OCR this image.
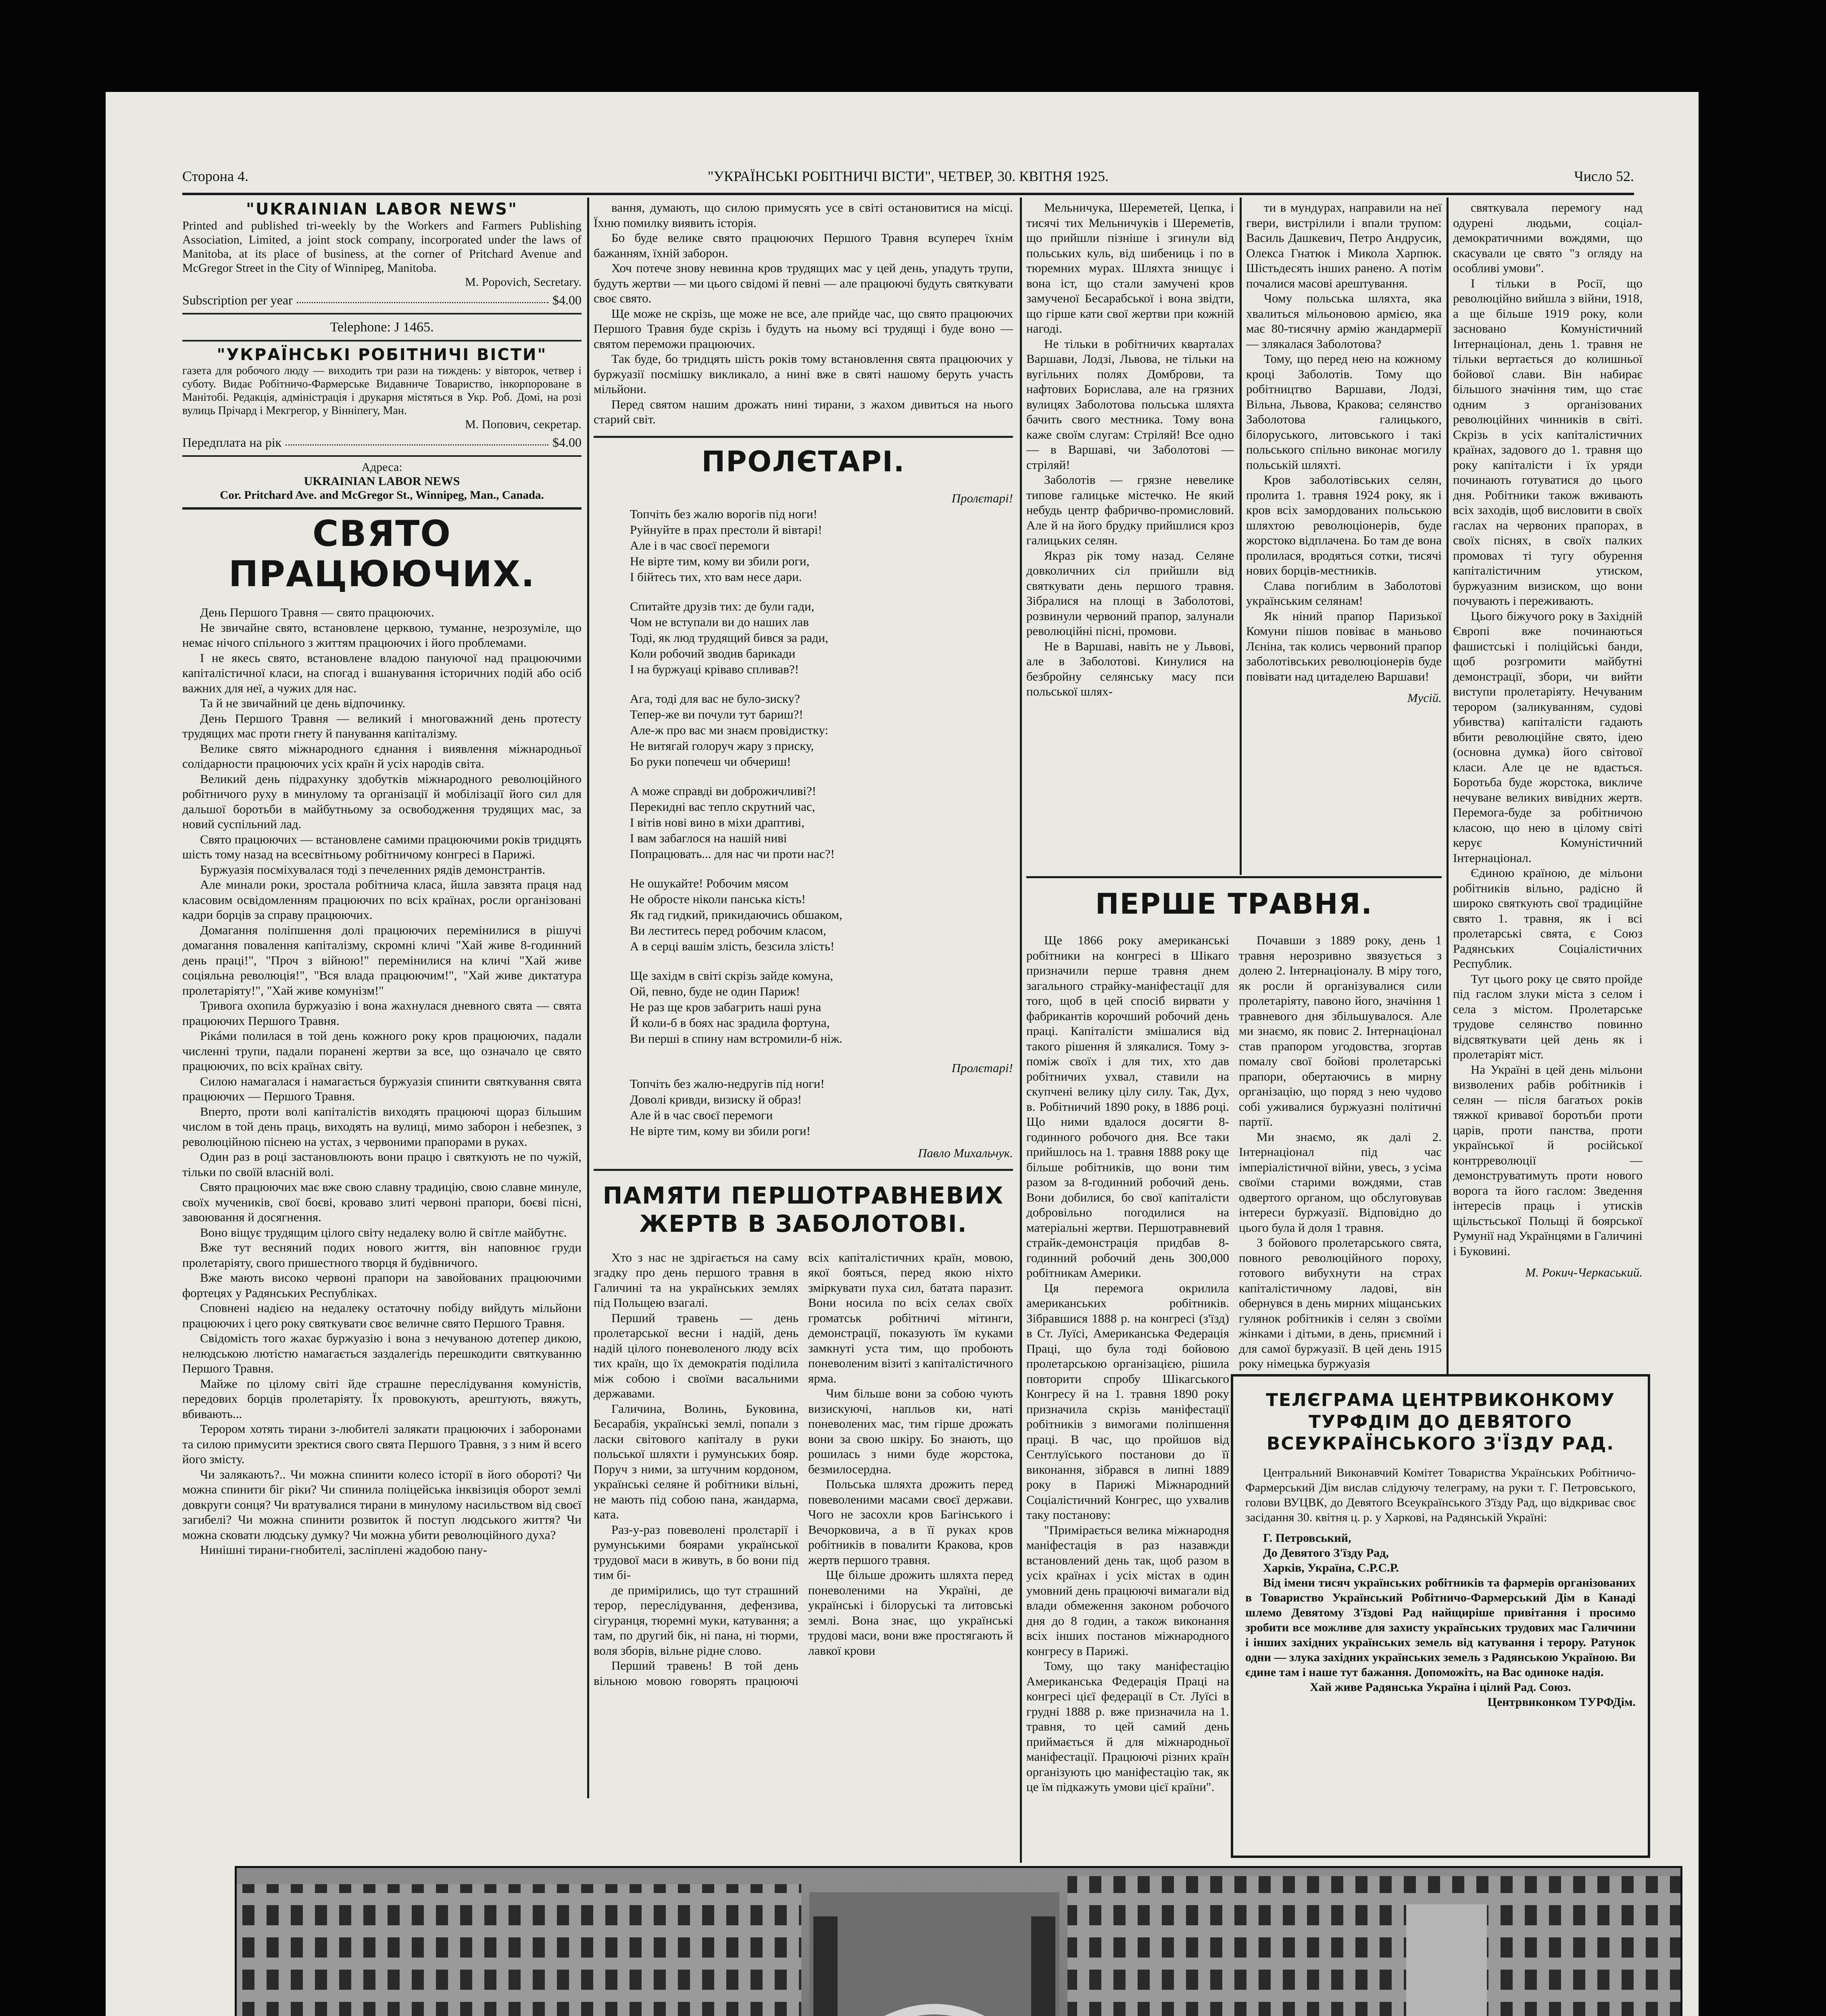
Сторона 4.	"УКРАЇНСЬКІ РОБІТНИЧІ ВІСТИ", ЧЕТВЕР, 30. КВІТНЯ 1925.	Число 52.
"UKRAINIAN LABOR NEWS"
Printed and published tri-weekly by the Workers and Farmers Publishing Association, Limited, a joint stock company, incorporated under the laws of Manitoba, at its place of business, at the corner of Pritchard Avenue and McGregor Street in the City of Winnipeg, Manitoba.
M. Popovich, Secretary.
Subscription per year	$4.00
Telephone: J 1465.
"УКРАЇНСЬКІ РОБІТНИЧІ ВІСТИ"
газета для робочого люду — виходить три рази на тиждень: у вівторок, четвер і суботу. Видає Робітничо-Фармерське Видавниче Товариство, інкорпороване в Манітобі. Редакція, адміністрація і друкарня містяться в Укр. Роб. Домі, на розі вулиць Прічард і Мекгрегор, у Вінніпегу, Ман.
М. Попович, секретар.
Передплата на рік	$4.00
Адреса:
UKRAINIAN LABOR NEWS
Cor. Pritchard Ave. and McGregor St., Winnipeg, Man., Canada.
СВЯТО ПРАЦЮЮЧИХ.

День Першого Травня — свято працюючих.

Не звичайне свято, встановлене церквою, туманне, незрозуміле, що немає нічого спільного з життям працюючих і його проблемами.

І не якесь свято, встановлене владою пануючої над працюючими капіталістичної класи, на спогад і вшанування історичних подій або осіб важних для неї, а чужих для нас.

Та й не звичайний це день відпочинку.

День Першого Травня — великий і многоважний день протесту трудящих мас проти гнету й панування капіталізму.

Велике свято міжнародного єднання і виявлення міжнародньої солідарности працюючих усіх країн й усіх народів світа.

Великий день підрахунку здобутків міжнародного революційного робітничого руху в минулому та організації й мобілізації його сил для дальшої боротьби в майбутньому за освободження трудящих мас, за новий суспільний лад.

Свято працюючих — встановлене самими працюючими років тридцять шість тому назад на всесвітньому робітничому конгресі в Парижі.

Буржуазія посміхувалася тоді з печеленних рядів демонстрантів.

Але минали роки, зростала робітнича класа, йшла завзята праця над класовим освідомленням працюючих по всіх країнах, росли організовані кадри борців за справу працюючих.

Домагання поліпшення долі працюючих перемінилися в рішучі домагання повалення капіталізму, скромні кличі "Хай живе 8-годинний день праці!", "Проч з війною!" перемінилися на кличі "Хай живе соціяльна революція!", "Вся влада працюючим!", "Хай живе диктатура пролетаріяту!", "Хай живе комунізм!"

Тривога охопила буржуазію і вона жахнулася дневного свята — свята працюючих Першого Травня.

Рікáми полилася в той день кожного року кров працюючих, падали численні трупи, падали поранені жертви за все, що означало це свято працюючих, по всіх країнах світу.

Силою намагалася і намагається буржуазія спинити святкування свята працюючих — Першого Травня.

Вперто, проти волі капіталістів виходять працюючі щораз більшим числом в той день праць, виходять на вулиці, мимо заборон і небезпек, з революційною піснею на устах, з червоними прапорами в руках.

Один раз в році застановлюють вони працю і святкують не по чужій, тільки по своїй власній волі.

Свято працюючих має вже свою славну традицію, свою славне минуле, своїх мучеників, свої боєві, кроваво злиті червоні прапори, боєві пісні, завоювання й досягнення.

Воно віщує трудящим цілого світу недалеку волю й світле майбутнє.

Вже тут весняний подих нового життя, він наповнює груди пролетаріяту, свого пришестного творця й будівничого.

Вже мають високо червоні прапори на завойованих працюючими фортецях у Радянських Республіках.

Сповнені надією на недалеку остаточну побіду вийдуть мільйони працюючих і цего року святкувати своє величне свято Першого Травня.

Свідомість того жахає буржуазію і вона з нечуваною дотепер дикою, нелюдською лютістю намагається заздалегідь перешкодити святкуванню Першого Травня.

Майже по цілому світі йде страшне переслідування комуністів, передових борців пролетаріяту. Їх провокують, арештують, вяжуть, вбивають...

Терором хотять тирани з-любителі залякати працюючих і заборонами та силою примусити зректися свого свята Першого Травня, з з ним й всего його змісту.

Чи залякають?.. Чи можна спинити колесо історії в його обороті? Чи можна спинити біг ріки? Чи спинила поліцейська інквізиція оборот землі довкруги сонця? Чи вратувалися тирани в минулому насильством від своєї загибелі? Чи можна спинити розвиток й поступ людського життя? Чи можна сковати людську думку? Чи можна убити революційного духа?

Нинішні тирани-гнобителі, засліплені жадобою пану-

вання, думають, що силою примусять усе в світі остановитися на місці. Їхню помилку виявить історія.

Бо буде велике свято працюючих Першого Травня всупереч їхнім бажанням, їхній заборон.

Хоч потече знову невинна кров трудящих мас у цей день, упадуть трупи, будуть жертви — ми цього свідомі й певні — але працюючі будуть святкувати своє свято.

Ще може не скрізь, ще може не все, але прийде час, що свято працюючих Першого Травня буде скрізь і будуть на ньому всі трудящі і буде воно — святом переможи працюючих.

Так буде, бо тридцять шість років тому встановлення свята працюючих у буржуазії посмішку викликало, а нині вже в святі нашому беруть участь мільйони.

Перед святом нашим дрожать нині тирани, з жахом дивиться на нього старий світ.

ПРОЛЄТАРІ.
Пролєтарі!
Топчіть без жалю ворогів під ноги!
Руйнуйте в прах престоли й вівтарі!
Але і в час своєї перемоги
Не вірте тим, кому ви збили роги,
І бійтесь тих, хто вам несе дари.
Спитайте друзів тих: де були гади,
Чом не вступали ви до наших лав
Тоді, як люд трудящий бився за ради,
Коли робочий зводив барикади
І на буржуаці кріваво спливав?!
Ага, тоді для вас не було-зиску?
Тепер-же ви почули тут бариш?!
Але-ж про вас ми знаєм провідистку:
Не витягай голоруч жару з приску,
Бо руки попечеш чи обчериш!
А може справді ви доброжичливі?!
Перекидні вас тепло скрутний час,
І вітів нові вино в міхи драптиві,
І вам забаглося на нашій ниві
Попрацювать... для нас чи проти нас?!
Не ошукайте! Робочим мясом
Не обросте ніколи панська кість!
Як гад гидкий, прикидаючись обшаком,
Ви леститесь перед робочим класом,
А в серці вашім злість, безсила злість!
Ще західм в світі скрізь зайде комуна,
Ой, певно, буде не один Париж!
Не раз ще кров забагрить наші руна
Й коли-б в боях нас зрадила фортуна,
Ви перші в спину нам встромили-б ніж.
Пролєтарі!
Топчіть без жалю-недругів під ноги!
Доволі кривди, визиску й образ!
Але й в час своєї перемоги
Не вірте тим, кому ви збили роги!
Павло Михальчук.
ПАМЯТИ ПЕРШОТРАВНЕВИХ ЖЕРТВ В ЗАБОЛОТОВІ.

Хто з нас не здрігається на саму згадку про день першого травня в Галичині та на українських землях під Польщею взагалі.

Перший травень — день пролетарської весни і надій, день надій цілого поневоленого люду всіх тих країн, що їх демократія поділила між собою і своїми васальними державами.

Галичина, Волинь, Буковина, Бесарабія, українські землі, попали з ласки світового капіталу в руки польської шляхти і румунських бояр. Поруч з ними, за штучним кордоном, українські селяне й робітники вільні, не мають під собою пана, жандарма, ката.

Раз-у-раз повеволені пролєтарії і румунськими боярами української трудової маси в живуть, в бо вони під тим бі-

де примірились, що тут страшний терор, переслідування, дефензива, сігуранця, тюремні муки, катування; а там, по другий бік, ні пана, ні тюрми, воля зборів, вільне рідне слово.

Перший травень! В той день вільною мовою говорять працюючі всіх капіталістичних країн, мовою, якої бояться, перед якою ніхто зміркувати пуха сил, батата паразит. Вони носила по всіх селах своїх громатськ робітничі мітинги, демонстрації, показують їм куками замкнуті уста тим, що пробоють поневоленим візиті з капіталістичного ярма.

Чим більше вони за собою чують визискуючі, напльов ки, наті поневолених мас, тим гірше дрожать вони за свою шкіру. Бо знають, що рошилась з ними буде жорстока, безмилосердна.

Польська шляхта дрожить перед повеволеними масами своєї держави. Чого не засохли кров Багінського і Вечорковича, а в її руках кров робітників в повалити Кракова, кров жертв першого травня.

Ще більше дрожить шляхта перед поневоленими на Україні, де українські і білоруські та литовські землі. Вона знає, що українські трудові маси, вони вже простягають й лавкої крови

Мельничука, Шереметей, Цепка, і тисячі тих Мельничуків і Шереметів, що прийшли пізніше і згинули від польських куль, від шибениць і по в тюремних мурах. Шляхта знищує і вона іст, що стали замучені кров замученої Бесарабської і вона звідти, що гірше кати свої жертви при кожній нагоді.

Не тільки в робітничих кварталах Варшави, Лодзі, Львова, не тільки на вугільних полях Домброви, та нафтових Борислава, але на грязних вулицях Заболотова польська шляхта бачить свого местника. Тому вона каже своїм слугам: Стріляй! Все одно — в Варшаві, чи Заболотові — стріляй!

Заболотів — грязне невелике типове галицьке містечко. Не який небудь центр фабричво-промисловий. Але й на його брудку прийшлися кроз галицьких селян.

Якраз рік тому назад. Селяне довколичних сіл прийшли від святкувати день першого травня. Зібралися на площі в Заболотові, розвинули червоний прапор, залунали революційні пісні, промови.

Не в Варшаві, навіть не у Львові, але в Заболотові. Кинулися на безбройну селянську масу пси польської шлях-

ти в мундурах, направили на неї гвери, вистрілили і впали трупом: Василь Дашкевич, Петро Андрусик, Олекса Гнатюк і Микола Харпюк. Шістьдесять інших ранено. А потім почалися масові арештування.

Чому польська шляхта, яка хвалиться мільоновою армією, яка має 80-тисячну армію жандармерії — злякалася Заболотова?

Тому, що перед нею на кожному кроці Заболотів. Тому що робітництво Варшави, Лодзі, Вільна, Львова, Кракова; селянство Заболотова галицького, білоруського, литовського і такі польського спільно виконає могилу польській шляхті.

Кров заболотівських селян, пролита 1. травня 1924 року, як і кров всіх замордованих польською шляхтою революціонерів, буде жорстоко відплачена. Бо там де вона пролилася, вродяться сотки, тисячі нових борців-местників.

Слава погиблим в Заболотові українським селянам!

Як ніний прапор Паризької Комуни пішов повіває в маньово Лєніна, так колись червоний прапор заболотівських революціонерів буде повівати над цитаделею Варшави!

Мусій.
ПЕРШЕ ТРАВНЯ.

Ще 1866 року американські робітники на конгресі в Шікаго призначили перше травня днем загального страйку-маніфестації для того, щоб в цей спосіб вирвати у фабрикантів корочший робочий день праці. Капіталісти змішалися від такого рішення й злякалися. Тому з-поміж своїх і для тих, хто дав робітничих ухвал, ставили на скупчені велику цілу силу. Так, Дух, в. Робітничий 1890 року, в 1886 році. Що ними вдалося досягти 8-годинного робочого дня. Все таки прийшлось на 1. травня 1888 року ще більше робітників, що вони тим разом за 8-годинний робочий день. Вони добилися, бо свої капіталісти добровільно погодилися на матеріальні жертви. Першотравневий страйк-демонстрація придбав 8-годинний робочий день 300,000 робітникам Америки.

Ця перемога окрилила американських робітників. Зібравшися 1888 р. на конгресі (з'їзд) в Ст. Луїсі, Американська Федерація Праці, що була тоді бойовою пролетарською організацією, рішила повторити спробу Шікагського Конгресу й на 1. травня 1890 року призначила скрізь маніфестації робітників з вимогами поліпшення праці. В час, що пройшов від Сентлуїського постанови до її виконання, зібрався в липні 1889 року в Парижі Міжнародний Соціалістичний Конгрес, що ухвалив таку постанову:

"Примірається велика міжнародня маніфестація в раз назавжди встановлений день так, щоб разом в усіх країнах і усіх містах в один умовний день працюючі вимагали від влади обмеження законом робочого дня до 8 годин, а також виконання всіх інших постанов міжнародного конгресу в Парижі.

Тому, що таку маніфестацію Американська Федерація Праці на конгресі цієї федерації в Ст. Луїсі в грудні 1888 р. вже призначила на 1. травня, то цей самий день приймається й для міжнародньої маніфестації. Працюючі різних країн організують цю маніфестацію так, як це їм підкажуть умови цієї країни".

Почавши з 1889 року, день 1 травня нерозривно звязується з долею 2. Інтернаціоналу. В міру того, як росли й організувалися сили пролетаріяту, павоно його, значіння 1 травневого дня збільшувалося. Але ми знаємо, як повис 2. Інтернаціонал став прапором угодовства, згортав помалу свої бойові пролетарські прапори, обертаючись в мирну організацію, що поряд з нею чудово собі уживалися буржуазні політичні партії.

Ми знаємо, як далі 2. Інтернаціонал під час імперіалістичної війни, увесь, з усіма своїми старими вождями, став одвертого органом, що обслуговував інтереси буржуазії. Відповідно до цього була й доля 1 травня.

З бойового пролетарського свята, повного революційного пороху, готового вибухнути на страх капіталістичному ладові, він обернувся в день мирних міщанських гулянок робітників і селян з своїми жінками і дітьми, в день, приємний і для самої буржуазії. В цей день 1915 року німецька буржуазія

святкувала перемогу над одурені людьми, соціал-демократичними вождями, що скасували це свято "з огляду на особливі умови".

І тільки в Росії, що революційно вийшла з війни, 1918, а ще більше 1919 року, коли засновано Комуністичний Інтернаціонал, день 1. травня не тільки вертається до колишньої бойової слави. Він набирає більшого значіння тим, що стає одним з організованих революційних чинників в світі. Скрізь в усіх капіталістичних країнах, задового до 1. травня що року капіталісти і їх уряди починають готуватися до цього дня. Робітники також вживають всіх заходів, щоб висловити в своїх гаслах на червоних прапорах, в своїх піснях, в своїх палких промовах ті тугу обурення капіталістичним утиском, буржуазним визиском, що вони почувають і переживають.

Цього біжучого року в Західній Європі вже починаються фашистські і поліційські банди, щоб розгромити майбутні демонстрації, збори, чи вийти виступи пролетаріяту. Нечуваним терором (заликуванням, судові убивства) капіталісти гадають вбити революційне свято, ідею (основна думка) його світової класи. Але це не вдасться. Боротьба буде жорстока, викличе нечуване великих вивідних жертв. Перемога-буде за робітничою класою, що нею в цілому світі керує Комуністичний Інтернаціонал.

Єдиною країною, де мільони робітників вільно, радісно й широко святкують свої традиційне свято 1. травня, як і всі пролетарські свята, є Союз Радянських Соціалістичних Республик.

Тут цього року це свято пройде під гаслом злуки міста з селом і села з містом. Пролетарське трудове селянство повинно відсвяткувати цей день як і пролетаріят міст.

На Україні в цей день мільони визволених рабів робітників і селян — після багатьох років тяжкої кривавої боротьби проти царів, проти панства, проти української й російської контрреволюції — демонструватимуть проти нового ворога та його гаслом: Зведення інтересів праць і утисків щільстьської Польщі й боярської Румунії над Українцями в Галичині і Буковині.

М. Рокич-Черкаський.
ТЕЛЄГРАМА ЦЕНТРВИКОНКОМУ ТУРФДІМ ДО ДЕВЯТОГО ВСЕУКРАЇНСЬКОГО З'ЇЗДУ РАД.

Центральний Виконавчий Комітет Товариства Українських Робітничо-Фармерський Дім вислав слідуючу телеграму, на руки т. Г. Петровського, голови ВУЦВК, до Девятого Всеукраїнського З'їзду Рад, що відкриває своє засідання 30. квітня ц. р. у Харкові, на Радянській Україні:

Г. Петровський,

До Девятого З'їзду Рад,

Харків, Україна, С.Р.С.Р.

Від імени тисяч українських робітників та фармерів організованих в Товариство Український Робітничо-Фармерський Дім в Канаді шлемо Девятому З'їздові Рад найщиріше привітання і просимо зробити все можливе для захисту українських трудових мас Галичини і інших західних українських земель від катування і терору. Ратунок одни — злука західних українських земель з Радянською Україною. Ви єдине там і наше тут бажання. Допоможіть, на Вас одиноке надія.

Хай живе Радянська Україна і цілий Рад. Союз.

Центрвиконком ТУРФДім.
